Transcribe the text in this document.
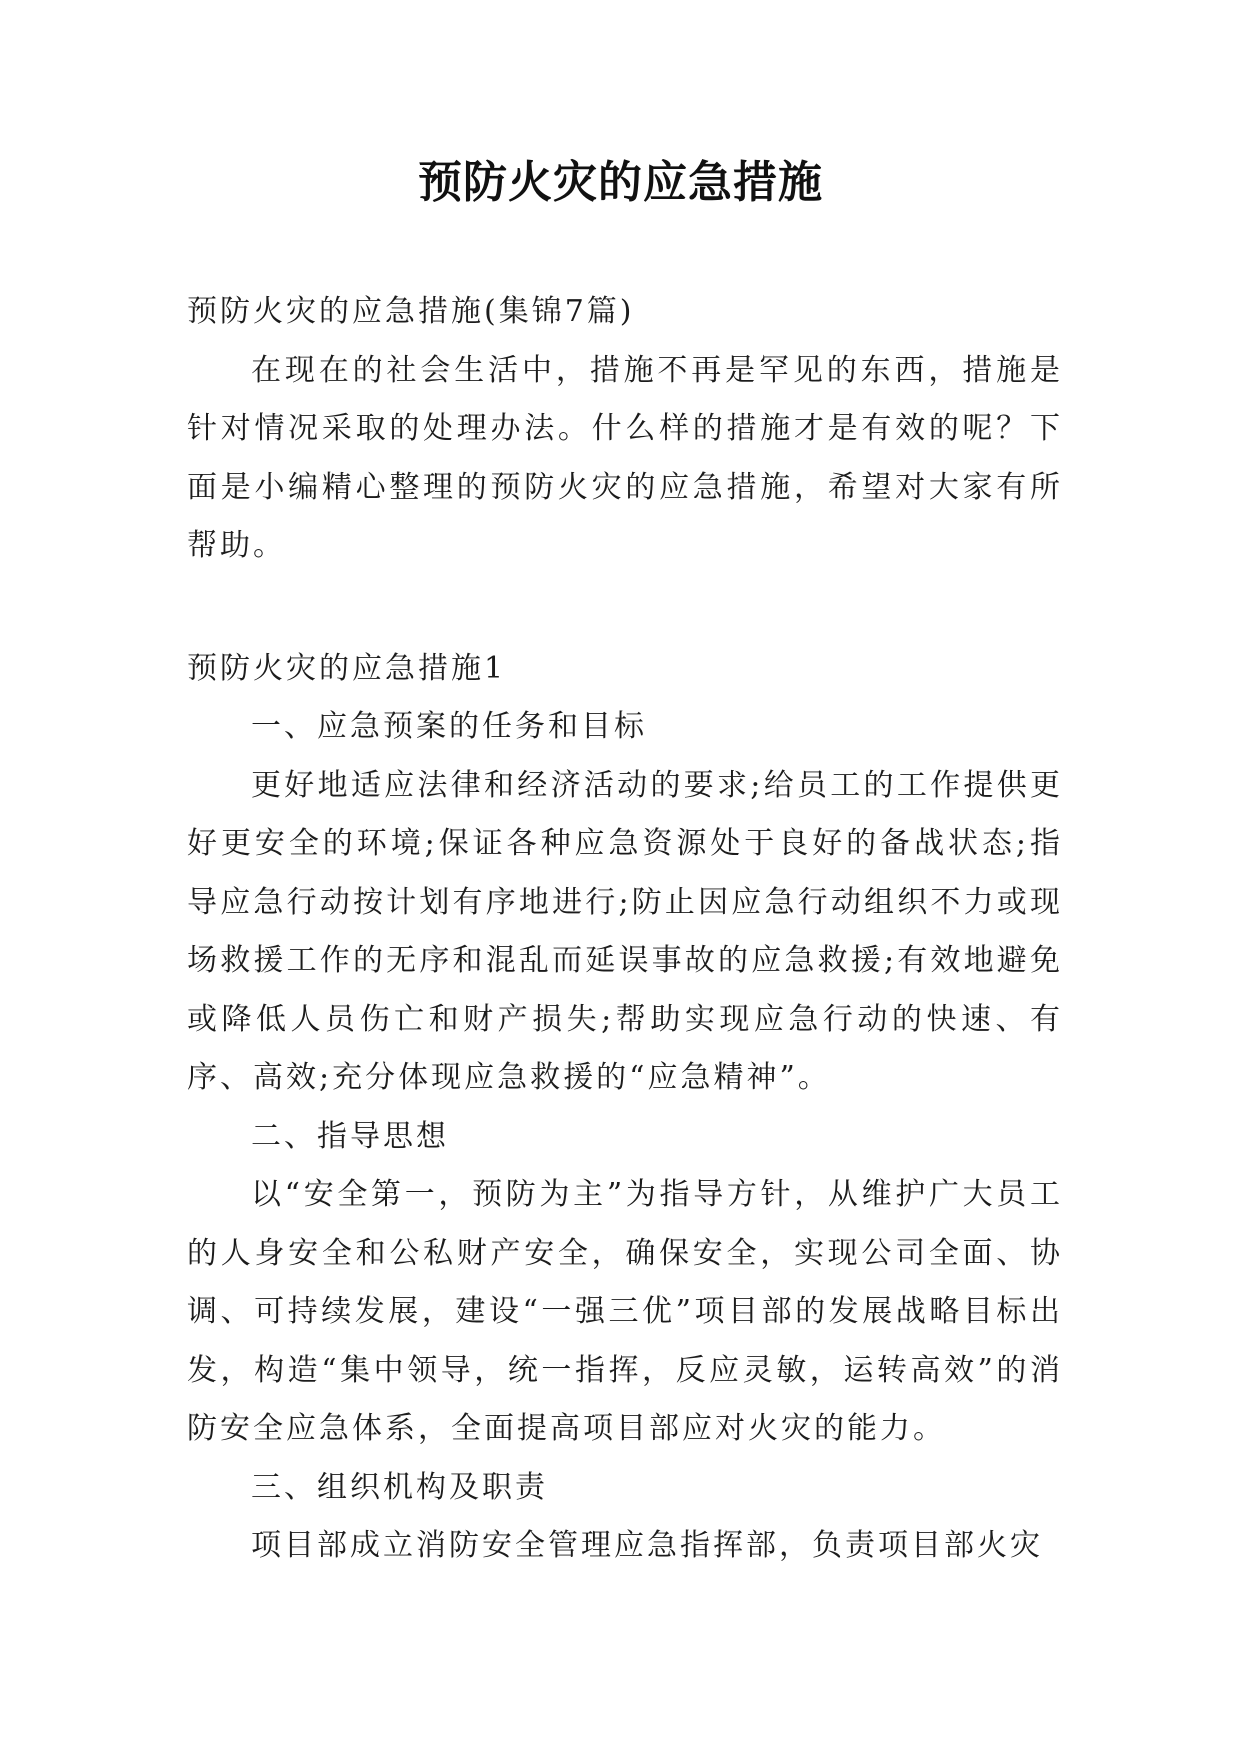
预防火灾的应急措施

预防火灾的应急措施(集锦7篇)

在现在的社会生活中，措施不再是罕见的东西，措施是针对情况采取的处理办法。什么样的措施才是有效的呢？下面是小编精心整理的预防火灾的应急措施，希望对大家有所帮助。

预防火灾的应急措施1

一、应急预案的任务和目标

更好地适应法律和经济活动的要求;给员工的工作提供更好更安全的环境;保证各种应急资源处于良好的备战状态;指导应急行动按计划有序地进行;防止因应急行动组织不力或现场救援工作的无序和混乱而延误事故的应急救援;有效地避免或降低人员伤亡和财产损失;帮助实现应急行动的快速、有序、高效;充分体现应急救援的“应急精神”。

二、指导思想

以“安全第一，预防为主”为指导方针，从维护广大员工的人身安全和公私财产安全，确保安全，实现公司全面、协调、可持续发展，建设“一强三优”项目部的发展战略目标出发，构造“集中领导，统一指挥，反应灵敏，运转高效”的消防安全应急体系，全面提高项目部应对火灾的能力。

三、组织机构及职责

项目部成立消防安全管理应急指挥部，负责项目部火灾
